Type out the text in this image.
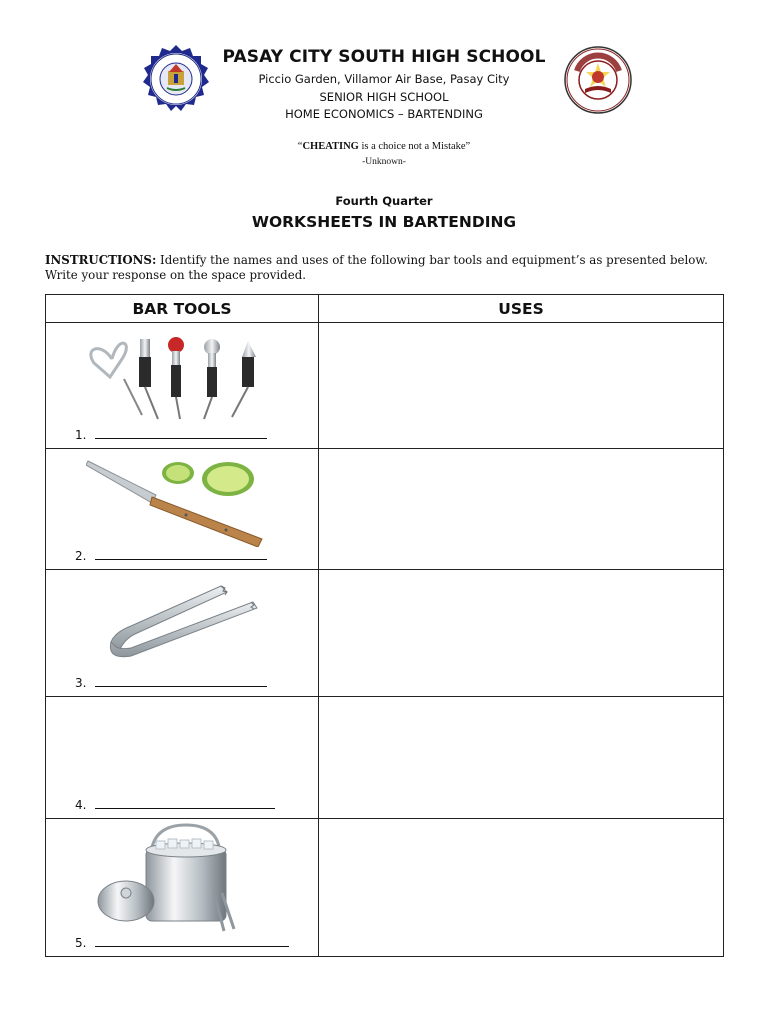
PASAY CITY SOUTH HIGH SCHOOL
Piccio Garden, Villamor Air Base, Pasay City
SENIOR HIGH SCHOOL
HOME ECONOMICS – BARTENDING
“CHEATING is a choice not a Mistake”
-Unknown-
Fourth Quarter
WORKSHEETS IN BARTENDING
INSTRUCTIONS: Identify the names and uses of the following bar tools and equipment’s as presented below. Write your response on the space provided.
BAR TOOLS	USES

1.	

2.	

3.	

4.	

5.	
